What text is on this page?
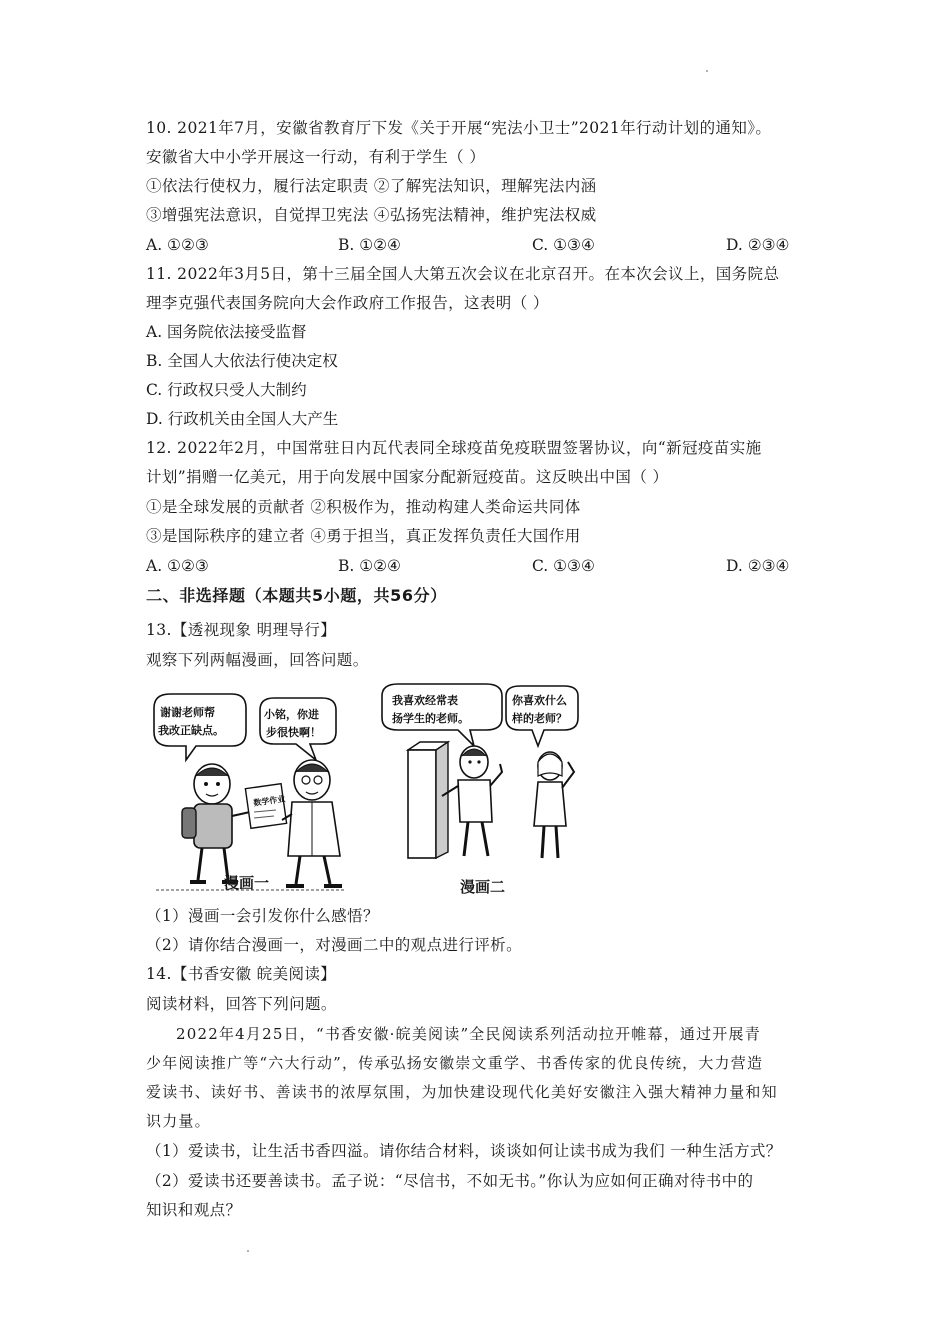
10. 2021年7月，安徽省教育厅下发《关于开展“宪法小卫士”2021年行动计划的通知》。
安徽省大中小学开展这一行动，有利于学生（ ）
①依法行使权力，履行法定职责 ②了解宪法知识，理解宪法内涵
③增强宪法意识，自觉捍卫宪法 ④弘扬宪法精神，维护宪法权威
A. ①②③	B. ①②④	C. ①③④	D. ②③④
11. 2022年3月5日，第十三届全国人大第五次会议在北京召开。在本次会议上，国务院总
理李克强代表国务院向大会作政府工作报告，这表明（ ）
A. 国务院依法接受监督
B. 全国人大依法行使决定权
C. 行政权只受人大制约
D. 行政机关由全国人大产生
12. 2022年2月，中国常驻日内瓦代表同全球疫苗免疫联盟签署协议，向“新冠疫苗实施
计划”捐赠一亿美元，用于向发展中国家分配新冠疫苗。这反映出中国（ ）
①是全球发展的贡献者 ②积极作为，推动构建人类命运共同体
③是国际秩序的建立者 ④勇于担当，真正发挥负责任大国作用
A. ①②③	B. ①②④	C. ①③④	D. ②③④
二、非选择题（本题共5小题，共56分）
13.【透视现象 明理导行】
观察下列两幅漫画，回答问题。
谢谢老师帮
我改正缺点。
小铭，你进
步很快啊！
数学作业
漫画一
我喜欢经常表
扬学生的老师。
你喜欢什么
样的老师？
漫画二
（1）漫画一会引发你什么感悟？
（2）请你结合漫画一，对漫画二中的观点进行评析。
14.【书香安徽 皖美阅读】
阅读材料，回答下列问题。
2022年4月25日，“书香安徽·皖美阅读”全民阅读系列活动拉开帷幕，通过开展青
少年阅读推广等“六大行动”，传承弘扬安徽崇文重学、书香传家的优良传统，大力营造
爱读书、读好书、善读书的浓厚氛围，为加快建设现代化美好安徽注入强大精神力量和知
识力量。
（1）爱读书，让生活书香四溢。请你结合材料，谈谈如何让读书成为我们 一种生活方式？
（2）爱读书还要善读书。孟子说：“尽信书，不如无书。”你认为应如何正确对待书中的
知识和观点？
